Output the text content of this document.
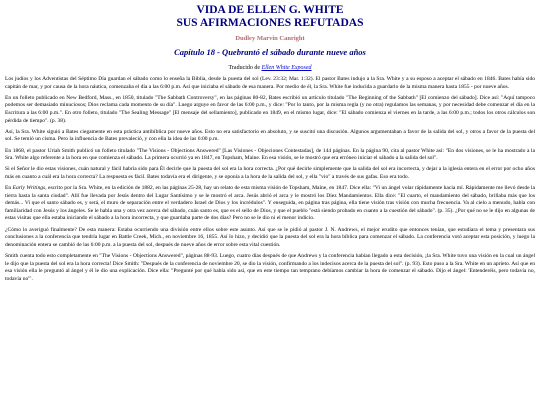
VIDA DE ELLEN G. WHITE
SUS AFIRMACIONES REFUTADAS
Dudley Marvin Canright
Capítulo 18 - Quebrantó el sábado durante nueve años
Traducido de Ellen White Exposed

Los judíos y los Adventistas del Séptimo Día guardan el sábado como lo enseña la Biblia, desde la puesta del sol (Lev. 23:32; Mar. 1:32). El pastor Bates indujo a la Sra. White y a su esposo a aceptar el sábado en 1846. Bates había sido capitán de mar, y por causa de la hora náutica, comenzaba el día a las 6:00 p.m. Así que iniciaba el sábado de esa manera. Por medio de él, la Sra. White fue inducida a guardarlo de la misma manera hasta 1855 - por nueve años.

En un folleto publicado en New Bedford, Mass., en 1850, titulado "The Sabbath Controversy", en las páginas 80-82, Bates escribió un artículo titulado "The Beginning of the Sabbath" [El comienzo del sábado]. Dice así: "Aquí tampoco podemos ser demasiado minuciosos; Dios reclama cada momento de su día". Luego arguye en favor de las 6:00 p.m., y dice: "Por lo tanto, por la misma regla (y no otra) regulamos las semanas, y por necesidad debe comenzar el día en la Escritura a las 6:00 p.m.". En otro folleto, titulado "The Sealing Message" [El mensaje del sellamiento], publicado en 1849, en el mismo lugar, dice: "El sábado comienza el viernes en la tarde, a las 6:00 p.m.; todos los otros cálculos son pérdida de tiempo". (p. 38).

Así, la Sra. White siguió a Bates ciegamente en esta práctica antibíblica por nueve años. Esto no era satisfactorio en absoluto, y se suscitó una discusión. Algunos argumentaban a favor de la salida del sol, y otros a favor de la puesta del sol. Se temió un cisma. Pero la influencia de Bates prevaleció, y con ella la idea de las 6:00 p.m.

En 1868, el pastor Uriah Smith publicó un folleto titulado "The Visions - Objections Answered" [Las Visiones - Objeciones Contestadas], de 144 páginas. En la página 90, cita al pastor White así: "En dos visiones, se le ha mostrado a la Sra. White algo referente a la hora en que comienza el sábado. La primera ocurrió ya en 1847, en Topsham, Maine. En esa visión, se le mostró que era erróneo iniciar el sábado a la salida del sol".

Si el Señor le dio estas visiones, cuán natural y fácil habría sido para Él decirle que la puesta del sol era la hora correcta. ¿Por qué decirle simplemente que la salida del sol era incorrecta, y dejar a la iglesia entera en el error por ocho años más en cuanto a cuál era la hora correcta? La respuesta es fácil. Bates todavía era el dirigente, y se oponía a la hora de la salida del sol, y ella "vio" a través de sus gafas. Eso era todo.

En Early Writings, escrito por la Sra. White, en la edición de 1882, en las páginas 25-28, hay un relato de esta misma visión de Topsham, Maine, en 1847. Dice ella: "Vi un ángel volar rápidamente hacia mí. Rápidamente me llevó desde la tierra hasta la santa ciudad". Allí fue llevada por Jesús dentro del Lugar Santísimo y se le mostró el arca. Jesús abrió el arca y le mostró los Diez Mandamientos. Ella dice: "El cuarto, el mandamiento del sábado, brillaba más que los demás... Vi que el santo sábado es, y será, el muro de separación entre el verdadero Israel de Dios y los incrédulos". Y enseguida, en página tras página, ella tiene visión tras visión con mucha frecuencia. Va al cielo a menudo, habla con familiaridad con Jesús y los ángeles. Se le habla una y otra vez acerca del sábado, cuán santo es, que es el sello de Dios, y que el pueblo "está siendo probado en cuanto a la cuestión del sábado". (p. 35). ¿Por qué no se le dijo en algunas de estas visitas que ella estaba iniciando el sábado a la hora incorrecta, y que guardaba parte de dos días? Pero no se le dio ni el menor indicio.

¿Cómo lo averiguó finalmente? De esta manera: Estaba ocurriendo una división entre ellos sobre este asunto. Así que se le pidió al pastor J. N. Andrews, el mejor erudito que entonces tenían, que estudiara el tema y presentara sus conclusiones a la conferencia que tendría lugar en Battle Creek, Mich., en noviembre 16, 1855. Así lo hizo, y decidió que la puesta del sol era la hora bíblica para comenzar el sábado. La conferencia votó aceptar esta posición, y luego la denominación entera se cambió de las 6:00 p.m. a la puesta del sol, después de nueve años de error sobre esta vital cuestión.

Smith cuenta todo esto completamente en "The Visions - Objections Answered", páginas 88-93. Luego, cuatro días después de que Andrews y la conferencia habían llegado a esta decisión, ¡la Sra. White tuvo una visión en la cual un ángel le dijo que la puesta del sol era la hora correcta! Dice Smith: "Después de la conferencia de noviembre 20, se dio la visión, confirmando a los indecisos acerca de la puesta del sol". (p. 93). Esto puso a la Sra. White en un aprieto. Así que en esa visión ella le preguntó al ángel y él le dio una explicación. Dice ella: "Pregunté por qué había sido así, que en este tiempo tan temprano debíamos cambiar la hora de comenzar el sábado. Dijo el ángel: 'Entenderéis, pero todavía no, todavía no'".
